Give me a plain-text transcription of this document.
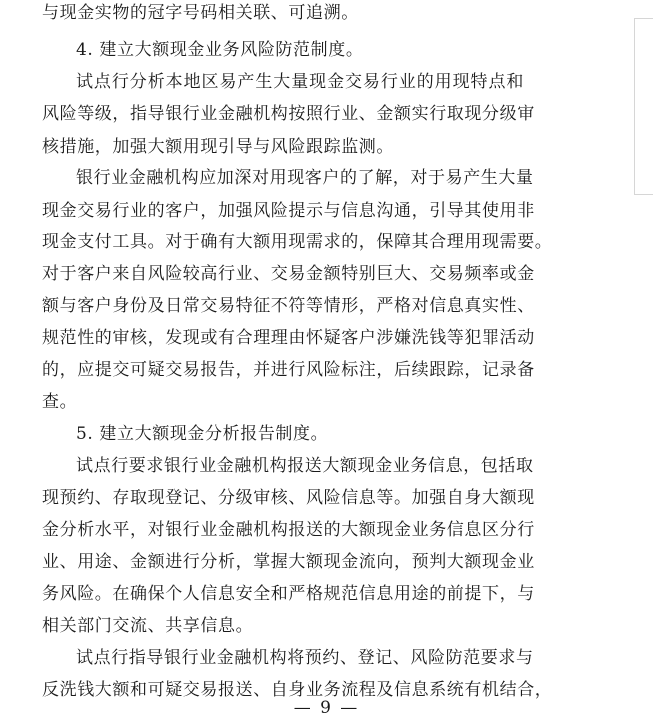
与现金实物的冠字号码相关联、可追溯。
4. 建立大额现金业务风险防范制度。
试点行分析本地区易产生大量现金交易行业的用现特点和
风险等级，指导银行业金融机构按照行业、金额实行取现分级审
核措施，加强大额用现引导与风险跟踪监测。
银行业金融机构应加深对用现客户的了解，对于易产生大量
现金交易行业的客户，加强风险提示与信息沟通，引导其使用非
现金支付工具。对于确有大额用现需求的，保障其合理用现需要。
对于客户来自风险较高行业、交易金额特别巨大、交易频率或金
额与客户身份及日常交易特征不符等情形，严格对信息真实性、
规范性的审核，发现或有合理理由怀疑客户涉嫌洗钱等犯罪活动
的，应提交可疑交易报告，并进行风险标注，后续跟踪，记录备
查。
5. 建立大额现金分析报告制度。
试点行要求银行业金融机构报送大额现金业务信息，包括取
现预约、存取现登记、分级审核、风险信息等。加强自身大额现
金分析水平，对银行业金融机构报送的大额现金业务信息区分行
业、用途、金额进行分析，掌握大额现金流向，预判大额现金业
务风险。在确保个人信息安全和严格规范信息用途的前提下，与
相关部门交流、共享信息。
试点行指导银行业金融机构将预约、登记、风险防范要求与
反洗钱大额和可疑交易报送、自身业务流程及信息系统有机结合，
— 9 —
